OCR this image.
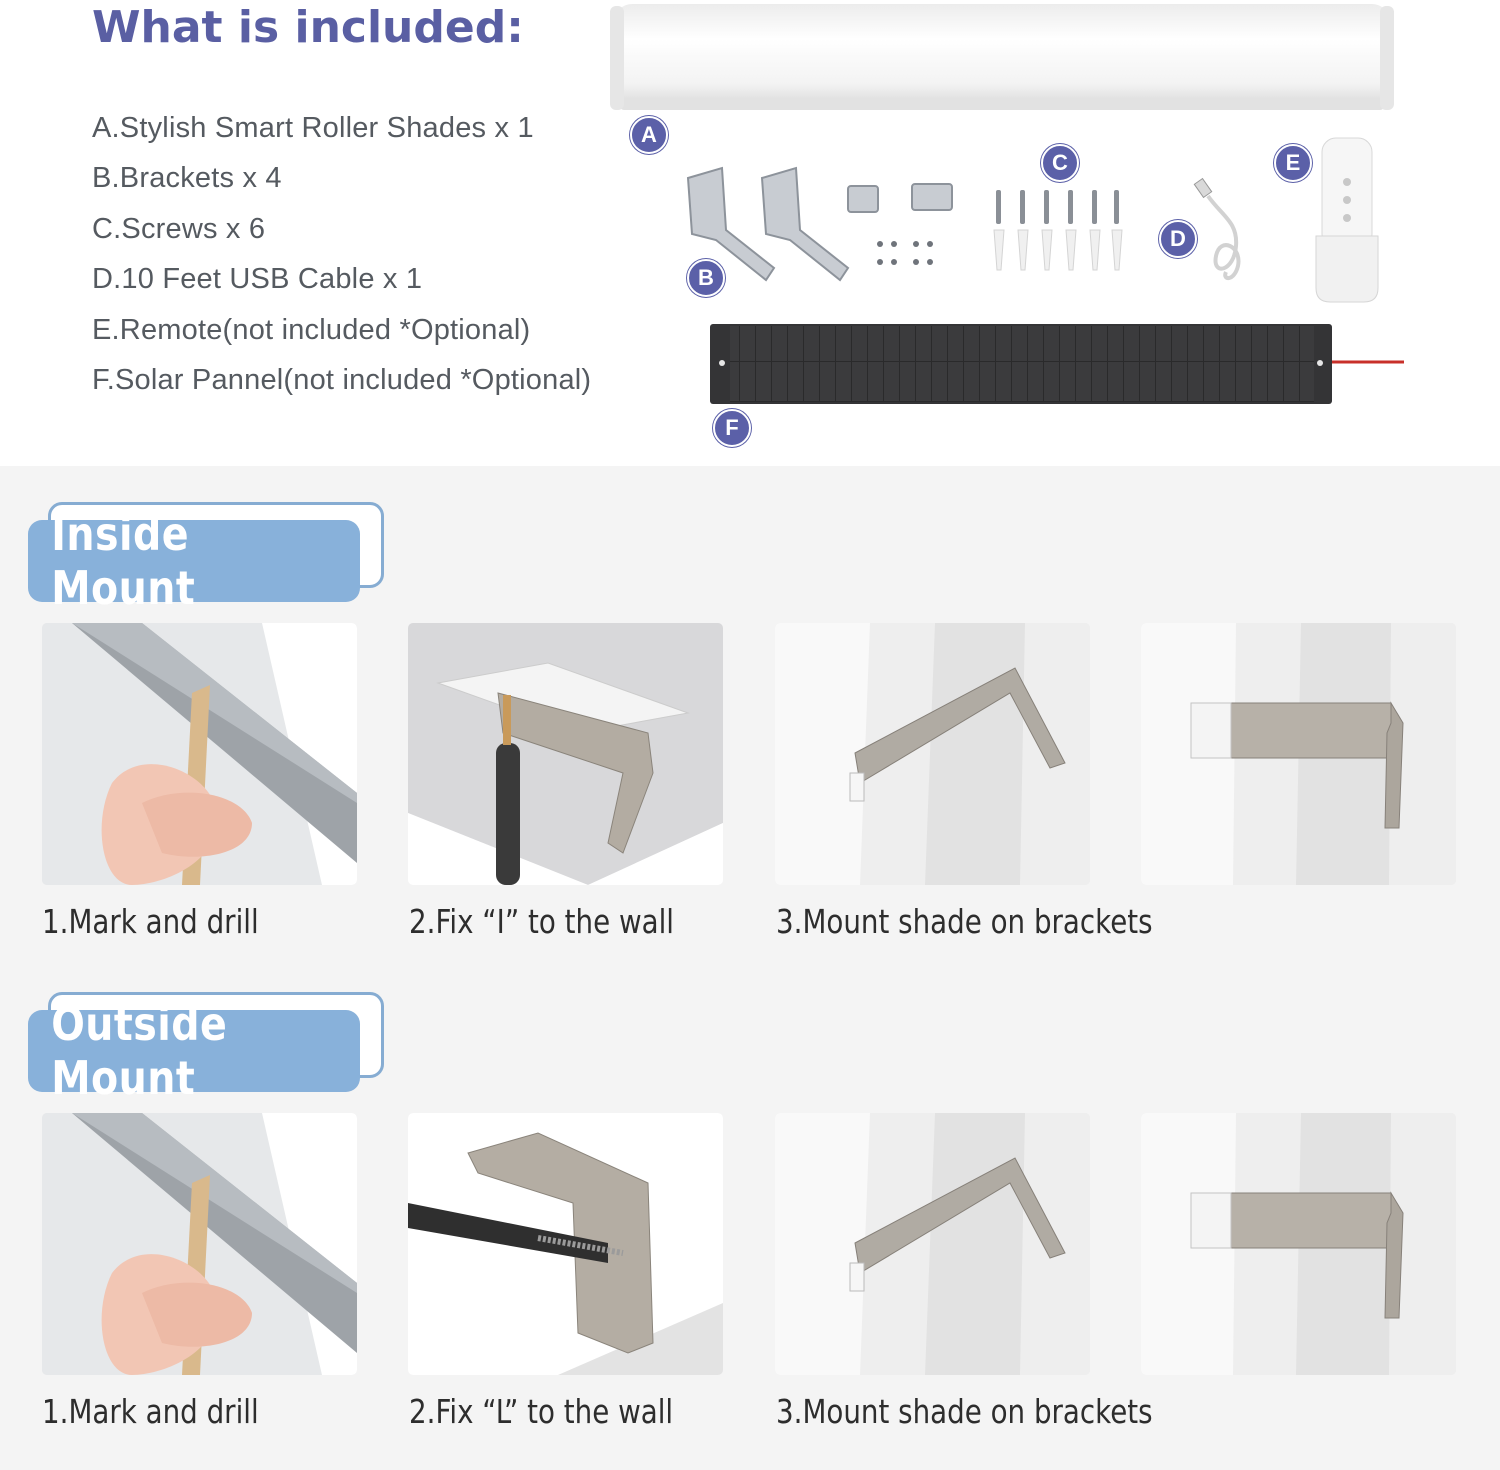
What is included:
A.Stylish Smart Roller Shades x 1
B.Brackets x 4
C.Screws x 6
D.10 Feet USB Cable x 1
E.Remote(not included *Optional)
F.Solar Pannel(not included *Optional)
A
B
C
D
E
F
Inside Mount
1.Mark and drill	2.Fix “I” to the wall	3.Mount shade on brackets
Outside Mount
1.Mark and drill	2.Fix “L” to the wall	3.Mount shade on brackets
